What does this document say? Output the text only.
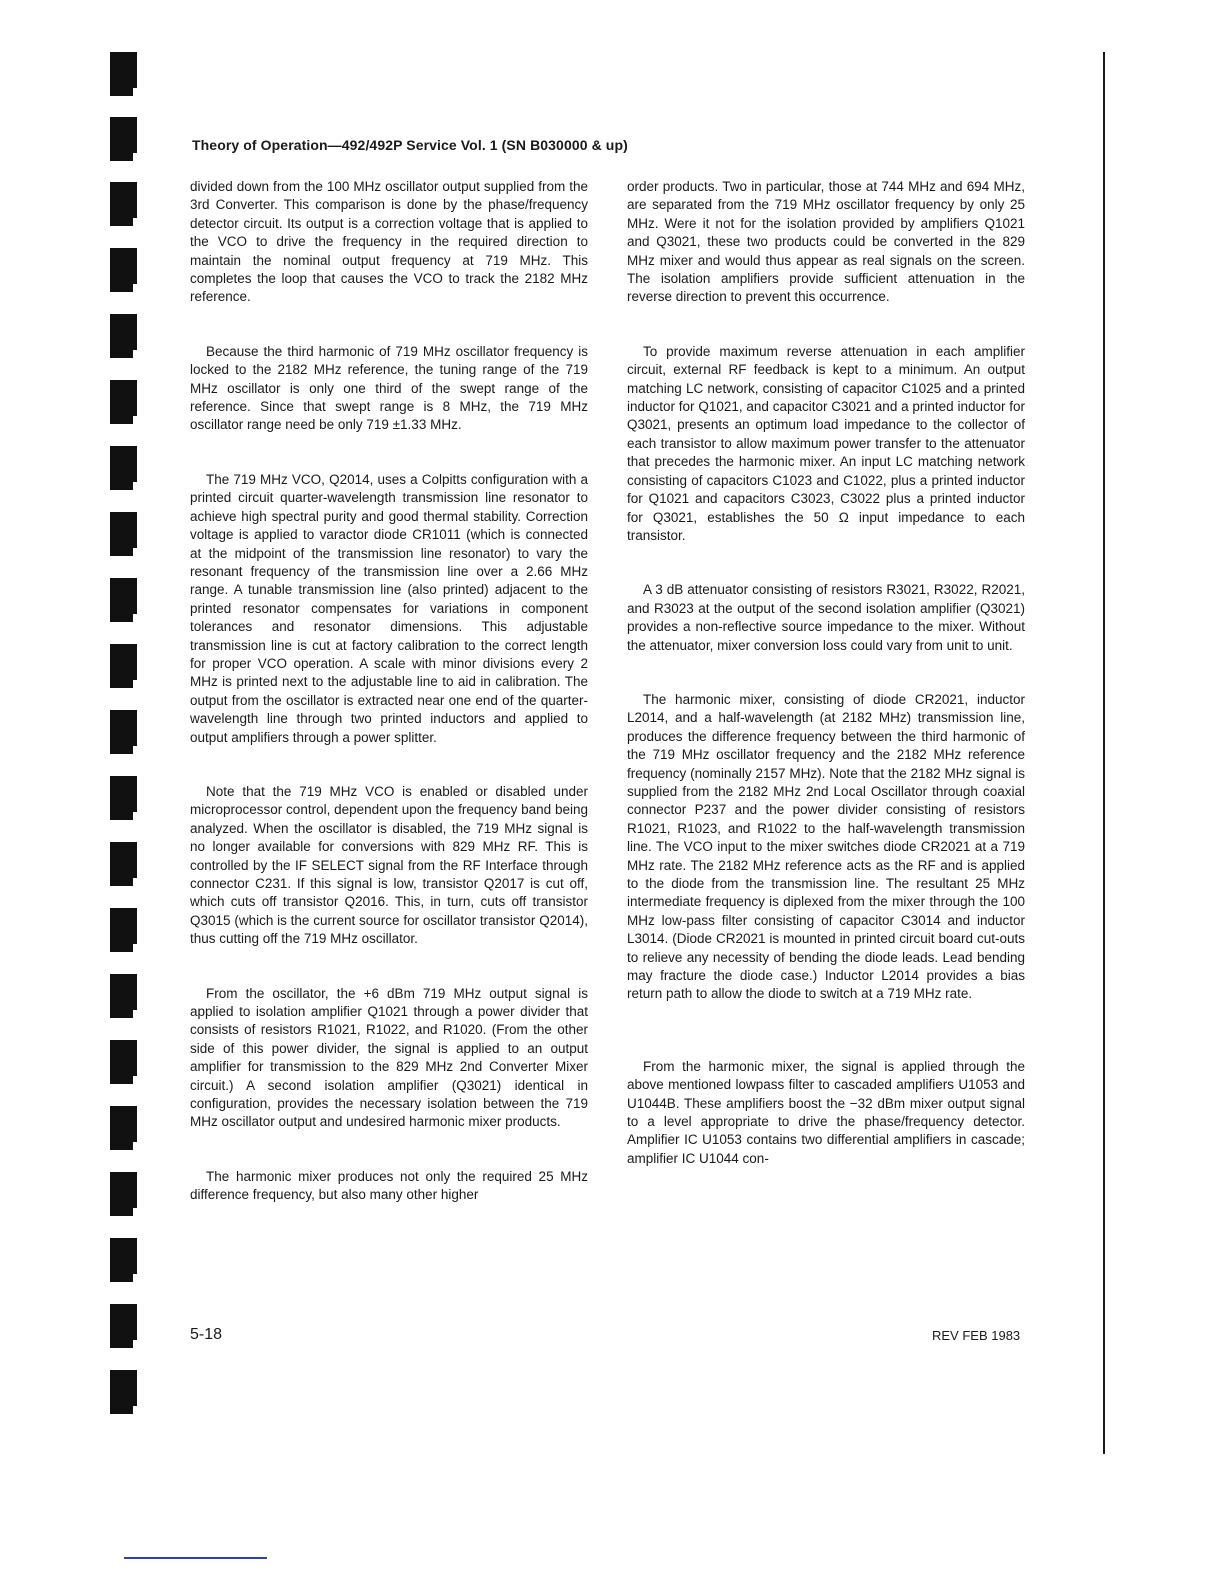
Theory of Operation—492/492P Service Vol. 1 (SN B030000 & up)

divided down from the 100 MHz oscillator output supplied from the 3rd Converter. This comparison is done by the phase/frequency detector circuit. Its output is a correction voltage that is applied to the VCO to drive the frequency in the required direction to maintain the nominal output frequency at 719 MHz. This completes the loop that causes the VCO to track the 2182 MHz reference.

Because the third harmonic of 719 MHz oscillator frequency is locked to the 2182 MHz reference, the tuning range of the 719 MHz oscillator is only one third of the swept range of the reference. Since that swept range is 8 MHz, the 719 MHz oscillator range need be only 719 ±1.33 MHz.

The 719 MHz VCO, Q2014, uses a Colpitts configuration with a printed circuit quarter-wavelength transmission line resonator to achieve high spectral purity and good thermal stability. Correction voltage is applied to varactor diode CR1011 (which is connected at the midpoint of the transmission line resonator) to vary the resonant frequency of the transmission line over a 2.66 MHz range. A tunable transmission line (also printed) adjacent to the printed resonator compensates for variations in component tolerances and resonator dimensions. This adjustable transmission line is cut at factory calibration to the correct length for proper VCO operation. A scale with minor divisions every 2 MHz is printed next to the adjustable line to aid in calibration. The output from the oscillator is extracted near one end of the quarter-wavelength line through two printed inductors and applied to output amplifiers through a power splitter.

Note that the 719 MHz VCO is enabled or disabled under microprocessor control, dependent upon the frequency band being analyzed. When the oscillator is disabled, the 719 MHz signal is no longer available for conversions with 829 MHz RF. This is controlled by the IF SELECT signal from the RF Interface through connector C231. If this signal is low, transistor Q2017 is cut off, which cuts off transistor Q2016. This, in turn, cuts off transistor Q3015 (which is the current source for oscillator transistor Q2014), thus cutting off the 719 MHz oscillator.

From the oscillator, the +6 dBm 719 MHz output signal is applied to isolation amplifier Q1021 through a power divider that consists of resistors R1021, R1022, and R1020. (From the other side of this power divider, the signal is applied to an output amplifier for transmission to the 829 MHz 2nd Converter Mixer circuit.) A second isolation amplifier (Q3021) identical in configuration, provides the necessary isolation between the 719 MHz oscillator output and undesired harmonic mixer products.

The harmonic mixer produces not only the required 25 MHz difference frequency, but also many other higher

order products. Two in particular, those at 744 MHz and 694 MHz, are separated from the 719 MHz oscillator frequency by only 25 MHz. Were it not for the isolation provided by amplifiers Q1021 and Q3021, these two products could be converted in the 829 MHz mixer and would thus appear as real signals on the screen. The isolation amplifiers provide sufficient attenuation in the reverse direction to prevent this occurrence.

To provide maximum reverse attenuation in each amplifier circuit, external RF feedback is kept to a minimum. An output matching LC network, consisting of capacitor C1025 and a printed inductor for Q1021, and capacitor C3021 and a printed inductor for Q3021, presents an optimum load impedance to the collector of each transistor to allow maximum power transfer to the attenuator that precedes the harmonic mixer. An input LC matching network consisting of capacitors C1023 and C1022, plus a printed inductor for Q1021 and capacitors C3023, C3022 plus a printed inductor for Q3021, establishes the 50 Ω input impedance to each transistor.

A 3 dB attenuator consisting of resistors R3021, R3022, R2021, and R3023 at the output of the second isolation amplifier (Q3021) provides a non-reflective source impedance to the mixer. Without the attenuator, mixer conversion loss could vary from unit to unit.

The harmonic mixer, consisting of diode CR2021, inductor L2014, and a half-wavelength (at 2182 MHz) transmission line, produces the difference frequency between the third harmonic of the 719 MHz oscillator frequency and the 2182 MHz reference frequency (nominally 2157 MHz). Note that the 2182 MHz signal is supplied from the 2182 MHz 2nd Local Oscillator through coaxial connector P237 and the power divider consisting of resistors R1021, R1023, and R1022 to the half-wavelength transmission line. The VCO input to the mixer switches diode CR2021 at a 719 MHz rate. The 2182 MHz reference acts as the RF and is applied to the diode from the transmission line. The resultant 25 MHz intermediate frequency is diplexed from the mixer through the 100 MHz low-pass filter consisting of capacitor C3014 and inductor L3014. (Diode CR2021 is mounted in printed circuit board cut-outs to relieve any necessity of bending the diode leads. Lead bending may fracture the diode case.) Inductor L2014 provides a bias return path to allow the diode to switch at a 719 MHz rate.

From the harmonic mixer, the signal is applied through the above mentioned lowpass filter to cascaded amplifiers U1053 and U1044B. These amplifiers boost the −32 dBm mixer output signal to a level appropriate to drive the phase/frequency detector. Amplifier IC U1053 contains two differential amplifiers in cascade; amplifier IC U1044 con-

5-18	REV FEB 1983
